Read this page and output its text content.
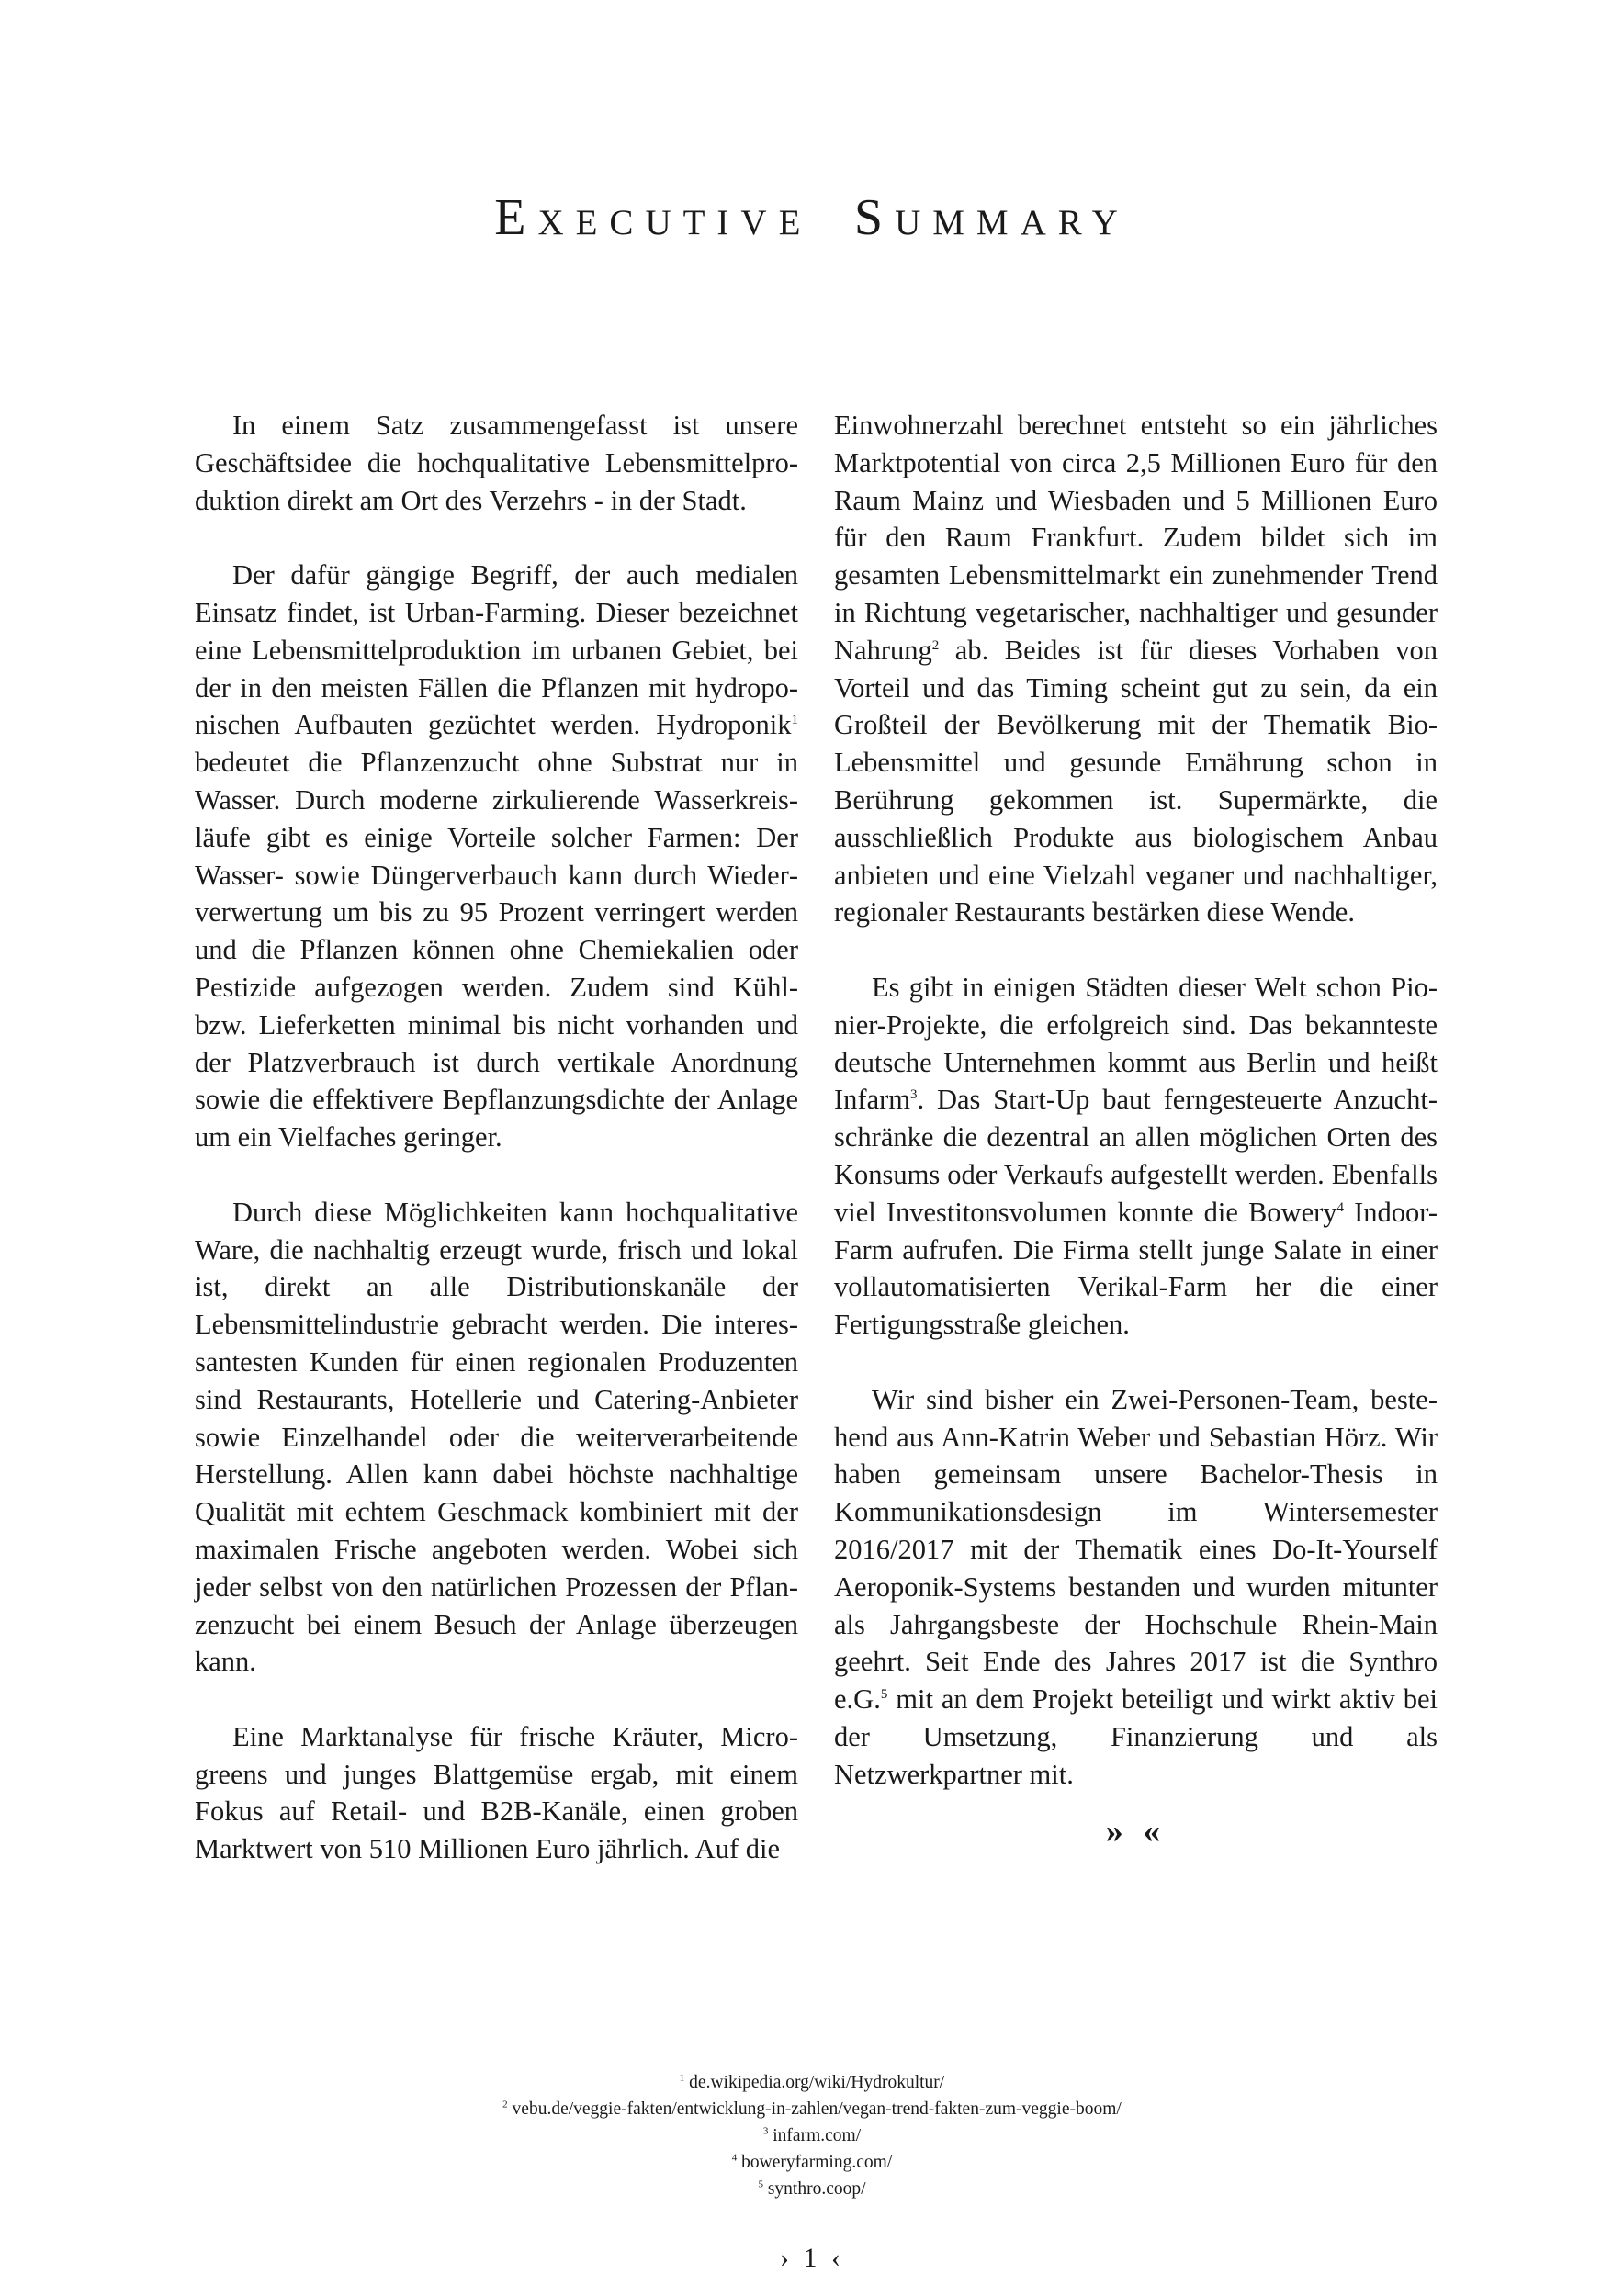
EXECUTIVE SUMMARY

In einem Satz zusammengefasst ist unsere Geschäftsidee die hochqualitative Lebensmittelproduktion direkt am Ort des Verzehrs - in der Stadt.

Der dafür gängige Begriff, der auch medialen Einsatz findet, ist Urban-Farming. Dieser bezeichnet eine Lebensmittelproduktion im urbanen Gebiet, bei der in den meisten Fällen die Pflanzen mit hydroponischen Aufbauten gezüchtet werden. Hydroponik$^1$ bedeutet die Pflanzenzucht ohne Substrat nur in Wasser. Durch moderne zirkulierende Wasserkreisläufe gibt es einige Vorteile solcher Farmen: Der Wasser- sowie Düngerverbauch kann durch Wiederverwertung um bis zu 95 Prozent verringert werden und die Pflanzen können ohne Chemiekalien oder Pestizide aufgezogen werden. Zudem sind Kühl- bzw. Lieferketten minimal bis nicht vorhanden und der Platzverbrauch ist durch vertikale Anordnung sowie die effektivere Bepflanzungsdichte der Anlage um ein Vielfaches geringer.

Durch diese Möglichkeiten kann hochqualitative Ware, die nachhaltig erzeugt wurde, frisch und lokal ist, direkt an alle Distributionskanäle der Lebensmittelindustrie gebracht werden. Die interessantesten Kunden für einen regionalen Produzenten sind Restaurants, Hotellerie und Catering-Anbieter sowie Einzelhandel oder die weiterverarbeitende Herstellung. Allen kann dabei höchste nachhaltige Qualität mit echtem Geschmack kombiniert mit der maximalen Frische angeboten werden. Wobei sich jeder selbst von den natürlichen Prozessen der Pflanzenzucht bei einem Besuch der Anlage überzeugen kann.

Eine Marktanalyse für frische Kräuter, Microgreens und junges Blattgemüse ergab, mit einem Fokus auf Retail- und B2B-Kanäle, einen groben Marktwert von 510 Millionen Euro jährlich. Auf die

Einwohnerzahl berechnet entsteht so ein jährliches Marktpotential von circa 2,5 Millionen Euro für den Raum Mainz und Wiesbaden und 5 Millionen Euro für den Raum Frankfurt. Zudem bildet sich im gesamten Lebensmittelmarkt ein zunehmender Trend in Richtung vegetarischer, nachhaltiger und gesunder Nahrung$^2$ ab. Beides ist für dieses Vorhaben von Vorteil und das Timing scheint gut zu sein, da ein Großteil der Bevölkerung mit der Thematik Bio-Lebensmittel und gesunde Ernährung schon in Berührung gekommen ist. Supermärkte, die ausschließlich Produkte aus biologischem Anbau anbieten und eine Vielzahl veganer und nachhaltiger, regionaler Restaurants bestärken diese Wende.

Es gibt in einigen Städten dieser Welt schon Pionier-Projekte, die erfolgreich sind. Das bekannteste deutsche Unternehmen kommt aus Berlin und heißt Infarm$^3$. Das Start-Up baut ferngesteuerte Anzuchtschränke die dezentral an allen möglichen Orten des Konsums oder Verkaufs aufgestellt werden. Ebenfalls viel Investitonsvolumen konnte die Bowery$^4$ Indoor-Farm aufrufen. Die Firma stellt junge Salate in einer vollautomatisierten Verikal-Farm her die einer Fertigungsstraße gleichen.

Wir sind bisher ein Zwei-Personen-Team, bestehend aus Ann-Katrin Weber und Sebastian Hörz. Wir haben gemeinsam unsere Bachelor-Thesis in Kommunikationsdesign im Wintersemester 2016/2017 mit der Thematik eines Do-It-Yourself Aeroponik-Systems bestanden und wurden mitunter als Jahrgangsbeste der Hochschule Rhein-Main geehrt. Seit Ende des Jahres 2017 ist die Synthro e.G.$^5$ mit an dem Projekt beteiligt und wirkt aktiv bei der Umsetzung, Finanzierung und als Netzwerkpartner mit.

» «
$^1$ de.wikipedia.org/wiki/Hydrokultur/
$^2$ vebu.de/veggie-fakten/entwicklung-in-zahlen/vegan-trend-fakten-zum-veggie-boom/
$^3$ infarm.com/
$^4$ boweryfarming.com/
$^5$ synthro.coop/
› 1 ‹
